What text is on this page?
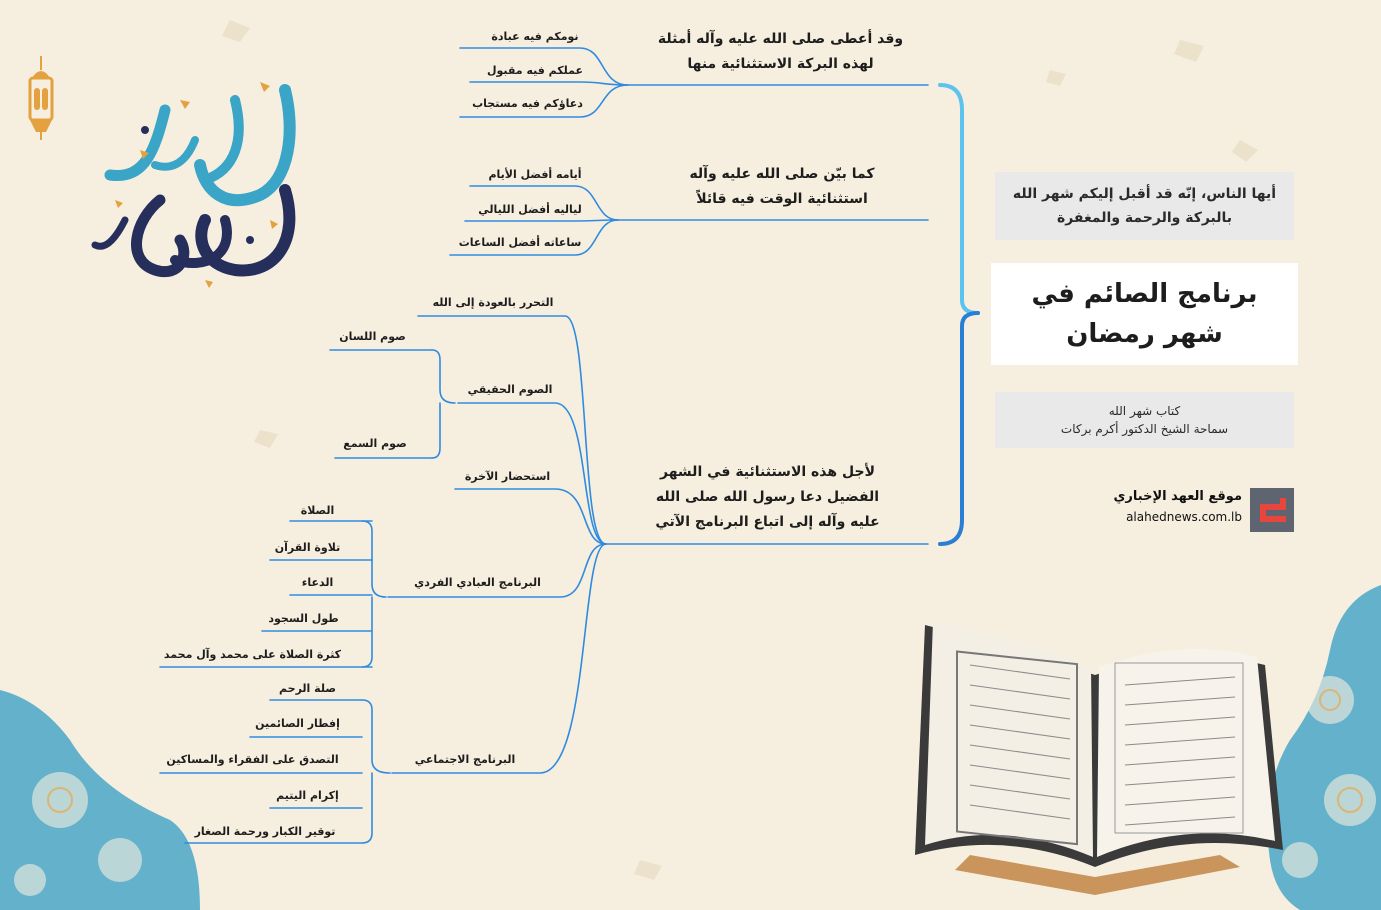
أيها الناس، إنّه قد أقبل إليكم شهر الله بالبركة والرحمة والمغفرة
برنامج الصائم في شهر رمضان
كتاب شهر الله
سماحة الشيخ الدكتور أكرم بركات
موقع العهد الإخباري
alahednews.com.lb
وقد أعطى صلى الله عليه وآله أمثلة لهذه البركة الاستثنائية منها
كما بيّن صلى الله عليه وآله استثنائية الوقت فيه قائلاً
لأجل هذه الاستثنائية في الشهر الفضيل دعا رسول الله صلى الله عليه وآله إلى اتباع البرنامج الآتي
نومكم فيه عبادة
عملكم فيه مقبول
دعاؤكم فيه مستجاب
أيامه أفضل الأيام
لياليه أفضل الليالي
ساعاته أفضل الساعات
التحرر بالعودة إلى الله
الصوم الحقيقي
صوم اللسان
صوم السمع
استحضار الآخرة
البرنامج العبادي الفردي
الصلاة
تلاوة القرآن
الدعاء
طول السجود
كثرة الصلاة على محمد وآل محمد
البرنامج الاجتماعي
صلة الرحم
إفطار الصائمين
التصدق على الفقراء والمساكين
إكرام اليتيم
توقير الكبار ورحمة الصغار
